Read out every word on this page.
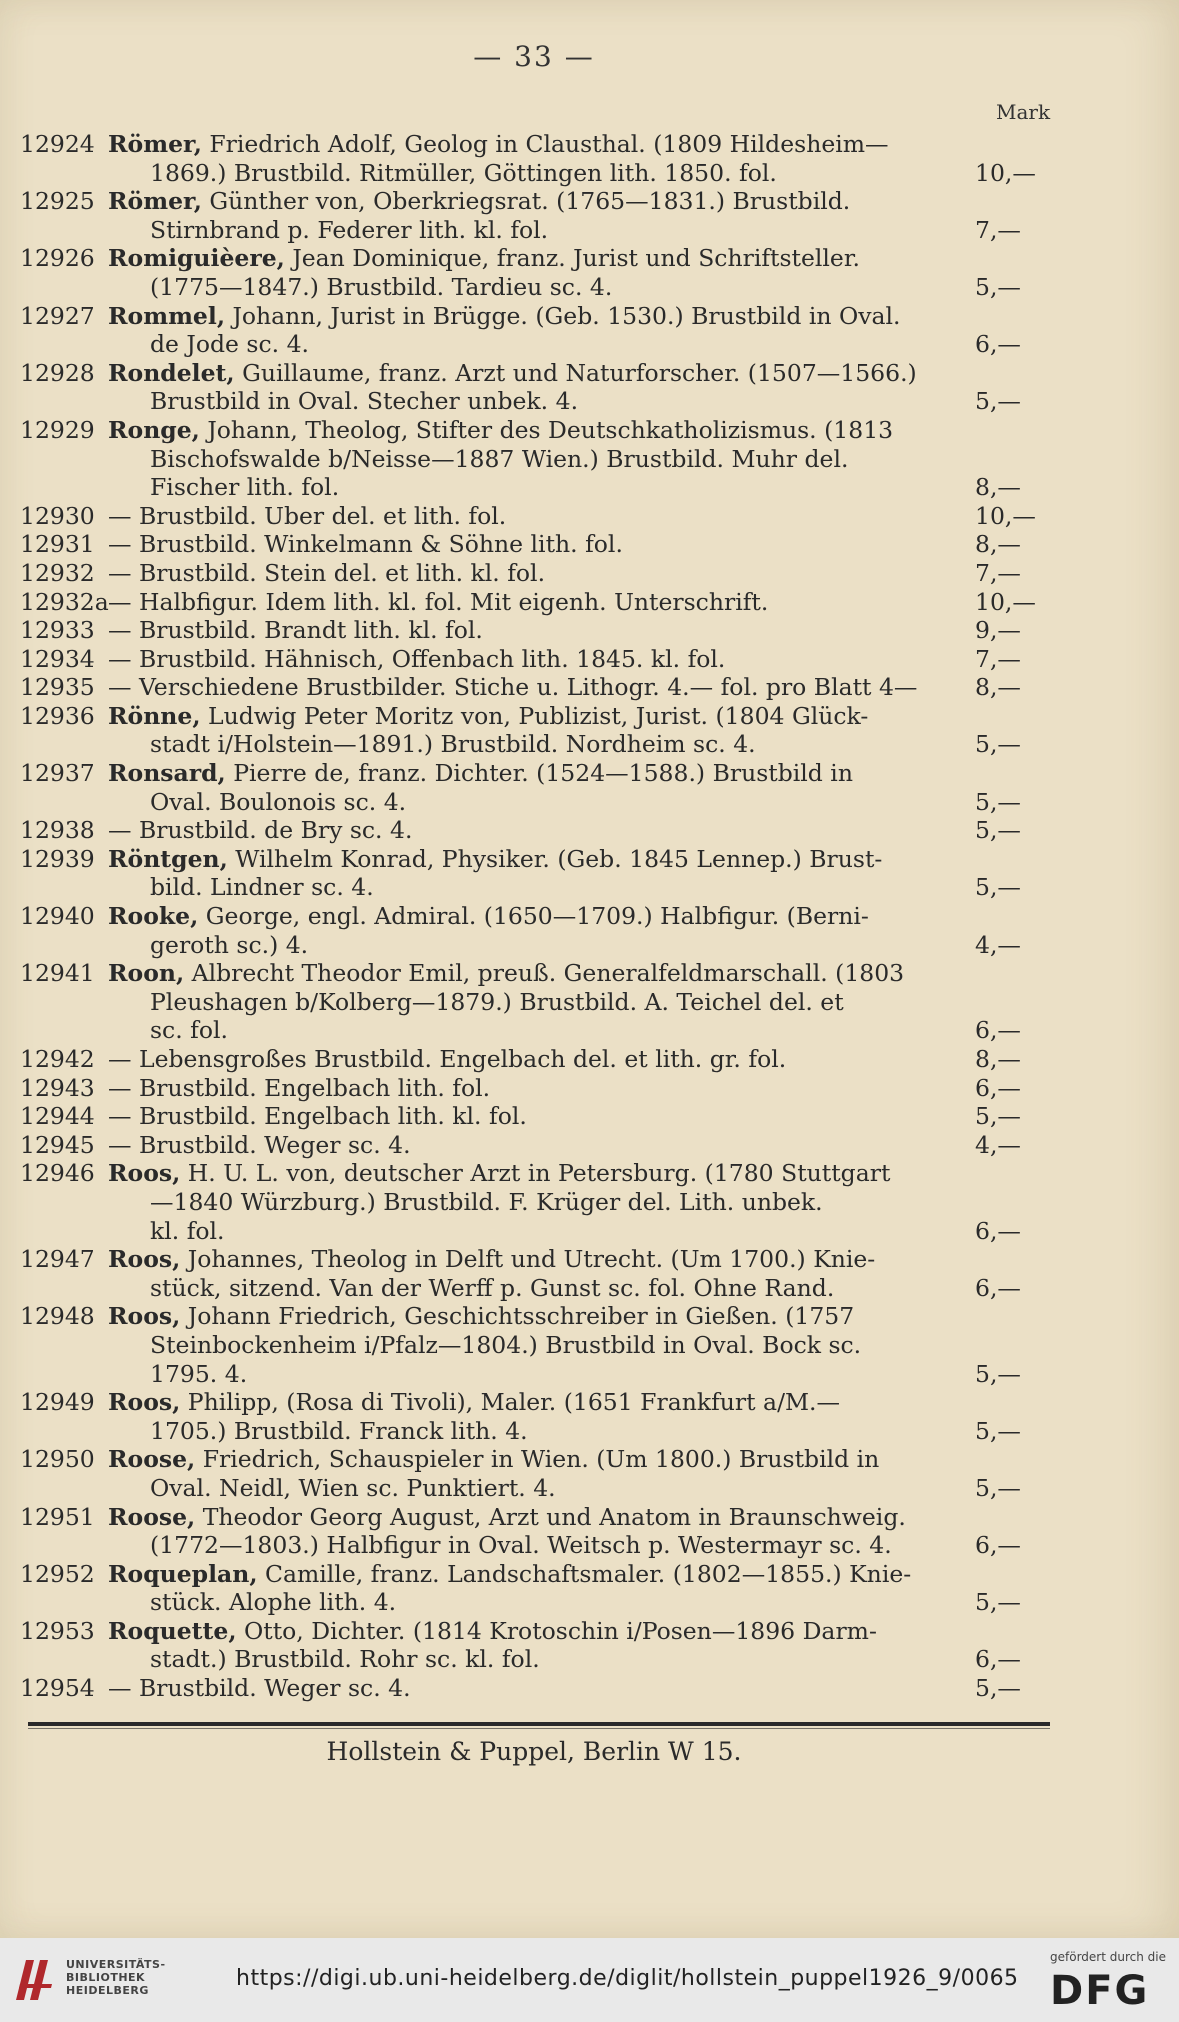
— 33 —
Mark
12924 Römer, Friedrich Adolf, Geolog in Clausthal. (1809 Hildesheim—
1869.) Brustbild. Ritmüller, Göttingen lith. 1850. fol.	10,—
12925 Römer, Günther von, Oberkriegsrat. (1765—1831.) Brustbild.
Stirnbrand p. Federer lith. kl. fol.	7,—
12926 Romiguièere, Jean Dominique, franz. Jurist und Schriftsteller.
(1775—1847.) Brustbild. Tardieu sc. 4.	5,—
12927 Rommel, Johann, Jurist in Brügge. (Geb. 1530.) Brustbild in Oval.
de Jode sc. 4.	6,—
12928 Rondelet, Guillaume, franz. Arzt und Naturforscher. (1507—1566.)
Brustbild in Oval. Stecher unbek. 4.	5,—
12929 Ronge, Johann, Theolog, Stifter des Deutschkatholizismus. (1813
Bischofswalde b/Neisse—1887 Wien.) Brustbild. Muhr del.
Fischer lith. fol.	8,—
12930 — Brustbild. Uber del. et lith. fol.	10,—
12931 — Brustbild. Winkelmann & Söhne lith. fol.	8,—
12932 — Brustbild. Stein del. et lith. kl. fol.	7,—
12932a — Halbfigur. Idem lith. kl. fol. Mit eigenh. Unterschrift.	10,—
12933 — Brustbild. Brandt lith. kl. fol.	9,—
12934 — Brustbild. Hähnisch, Offenbach lith. 1845. kl. fol.	7,—
12935 — Verschiedene Brustbilder. Stiche u. Lithogr. 4.— fol. pro Blatt 4— 8,—
12936 Rönne, Ludwig Peter Moritz von, Publizist, Jurist. (1804 Glück-
stadt i/Holstein—1891.) Brustbild. Nordheim sc. 4.	5,—
12937 Ronsard, Pierre de, franz. Dichter. (1524—1588.) Brustbild in
Oval. Boulonois sc. 4.	5,—
12938 — Brustbild. de Bry sc. 4.	5,—
12939 Röntgen, Wilhelm Konrad, Physiker. (Geb. 1845 Lennep.) Brust-
bild. Lindner sc. 4.	5,—
12940 Rooke, George, engl. Admiral. (1650—1709.) Halbfigur. (Berni-
geroth sc.) 4.	4,—
12941 Roon, Albrecht Theodor Emil, preuß. Generalfeldmarschall. (1803
Pleushagen b/Kolberg—1879.) Brustbild. A. Teichel del. et
sc. fol.	6,—
12942 — Lebensgroßes Brustbild. Engelbach del. et lith. gr. fol.	8,—
12943 — Brustbild. Engelbach lith. fol.	6,—
12944 — Brustbild. Engelbach lith. kl. fol.	5,—
12945 — Brustbild. Weger sc. 4.	4,—
12946 Roos, H. U. L. von, deutscher Arzt in Petersburg. (1780 Stuttgart
—1840 Würzburg.) Brustbild. F. Krüger del. Lith. unbek.
kl. fol.	6,—
12947 Roos, Johannes, Theolog in Delft und Utrecht. (Um 1700.) Knie-
stück, sitzend. Van der Werff p. Gunst sc. fol. Ohne Rand.	6,—
12948 Roos, Johann Friedrich, Geschichtsschreiber in Gießen. (1757
Steinbockenheim i/Pfalz—1804.) Brustbild in Oval. Bock sc.
1795. 4.	5,—
12949 Roos, Philipp, (Rosa di Tivoli), Maler. (1651 Frankfurt a/M.—
1705.) Brustbild. Franck lith. 4.	5,—
12950 Roose, Friedrich, Schauspieler in Wien. (Um 1800.) Brustbild in
Oval. Neidl, Wien sc. Punktiert. 4.	5,—
12951 Roose, Theodor Georg August, Arzt und Anatom in Braunschweig.
(1772—1803.) Halbfigur in Oval. Weitsch p. Westermayr sc. 4.	6,—
12952 Roqueplan, Camille, franz. Landschaftsmaler. (1802—1855.) Knie-
stück. Alophe lith. 4.	5,—
12953 Roquette, Otto, Dichter. (1814 Krotoschin i/Posen—1896 Darm-
stadt.) Brustbild. Rohr sc. kl. fol.	6,—
12954 — Brustbild. Weger sc. 4.	5,—
Hollstein & Puppel, Berlin W 15.
UNIVERSITÄTS-
BIBLIOTHEK
HEIDELBERG	https://digi.ub.uni-heidelberg.de/diglit/hollstein_puppel1926_9/0065
gefördert durch die
DFG
